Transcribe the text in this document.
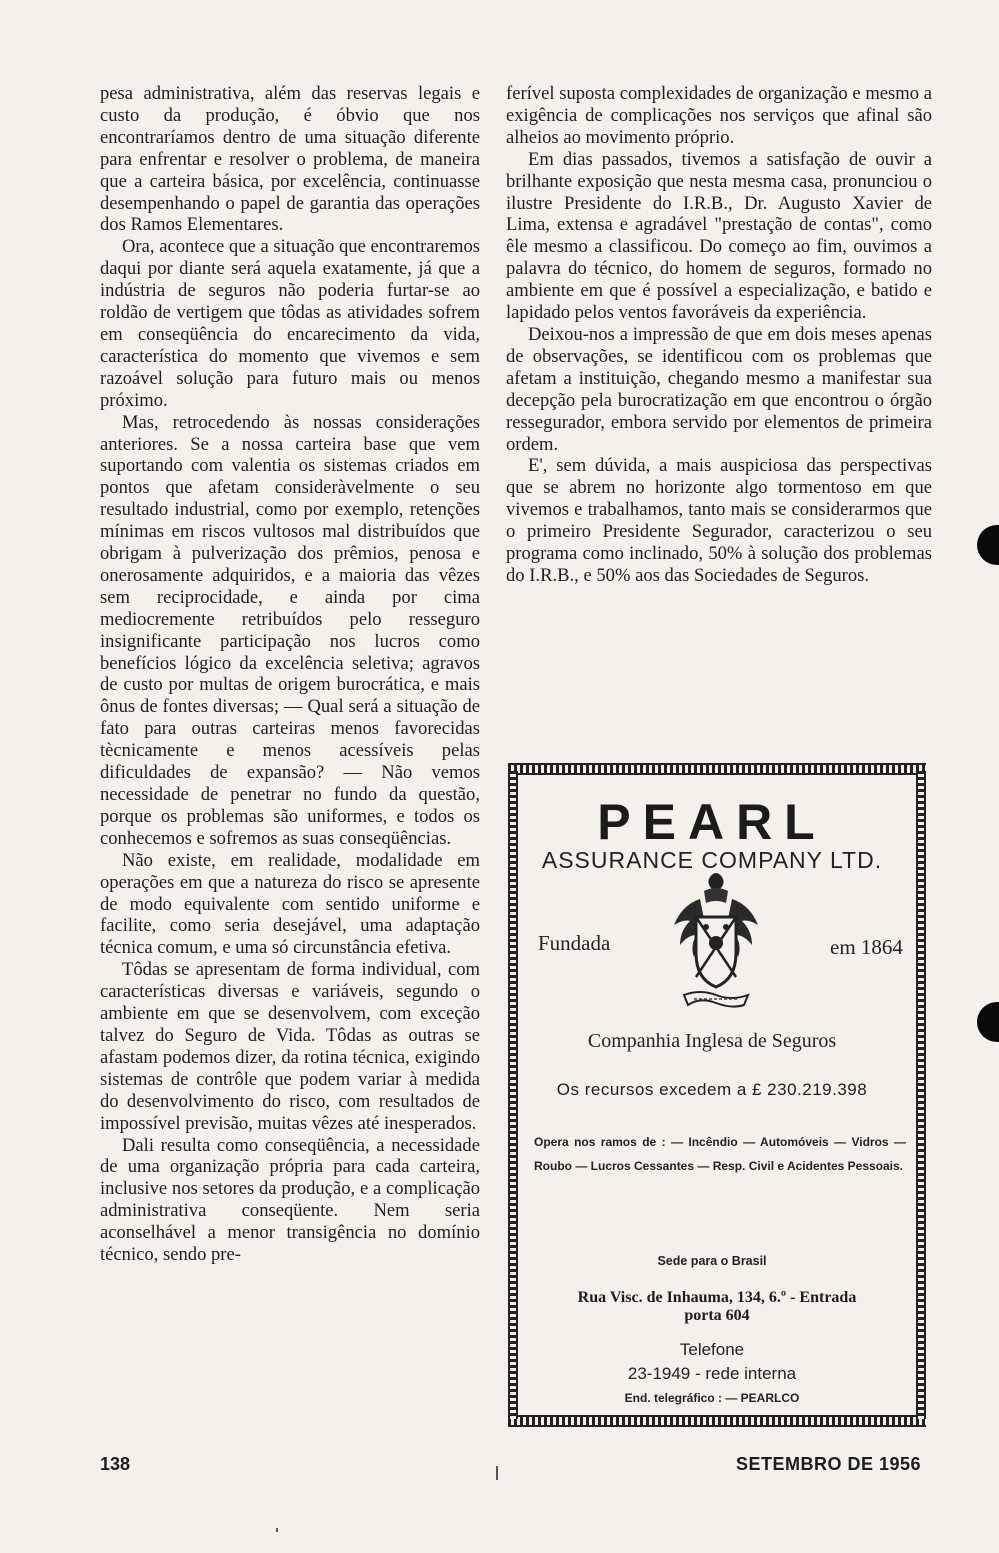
pesa administrativa, além das reservas legais e custo da produção, é óbvio que nos encontraríamos dentro de uma situação diferente para enfrentar e resolver o problema, de maneira que a carteira básica, por excelência, continuasse desempenhando o papel de garantia das operações dos Ramos Elementares.

Ora, acontece que a situação que encontraremos daqui por diante será aquela exatamente, já que a indústria de seguros não poderia furtar-se ao roldão de vertigem que tôdas as atividades sofrem em conseqüência do encarecimento da vida, característica do momento que vivemos e sem razoável solução para futuro mais ou menos próximo.

Mas, retrocedendo às nossas considerações anteriores. Se a nossa carteira base que vem suportando com valentia os sistemas criados em pontos que afetam consideràvelmente o seu resultado industrial, como por exemplo, retenções mínimas em riscos vultosos mal distribuídos que obrigam à pulverização dos prêmios, penosa e onerosamente adquiridos, e a maioria das vêzes sem reciprocidade, e ainda por cima mediocremente retribuídos pelo resseguro insignificante participação nos lucros como benefícios lógico da excelência seletiva; agravos de custo por multas de origem burocrática, e mais ônus de fontes diversas; — Qual será a situação de fato para outras carteiras menos favorecidas tècnicamente e menos acessíveis pelas dificuldades de expansão? — Não vemos necessidade de penetrar no fundo da questão, porque os problemas são uniformes, e todos os conhecemos e sofremos as suas conseqüências.

Não existe, em realidade, modalidade em operações em que a natureza do risco se apresente de modo equivalente com sentido uniforme e facilite, como seria desejável, uma adaptação técnica comum, e uma só circunstância efetiva.

Tôdas se apresentam de forma individual, com características diversas e variáveis, segundo o ambiente em que se desenvolvem, com exceção talvez do Seguro de Vida. Tôdas as outras se afastam podemos dizer, da rotina técnica, exigindo sistemas de contrôle que podem variar à medida do desenvolvimento do risco, com resultados de impossível previsão, muitas vêzes até inesperados.

Dali resulta como conseqüência, a necessidade de uma organização própria para cada carteira, inclusive nos setores da produção, e a complicação administrativa conseqüente. Nem seria aconselhável a menor transigência no domínio técnico, sendo pre-

ferível suposta complexidades de organização e mesmo a exigência de complicações nos serviços que afinal são alheios ao movimento próprio.

Em dias passados, tivemos a satisfação de ouvir a brilhante exposição que nesta mesma casa, pronunciou o ilustre Presidente do I.R.B., Dr. Augusto Xavier de Lima, extensa e agradável "prestação de contas", como êle mesmo a classificou. Do começo ao fim, ouvimos a palavra do técnico, do homem de seguros, formado no ambiente em que é possível a especialização, e batido e lapidado pelos ventos favoráveis da experiência.

Deixou-nos a impressão de que em dois meses apenas de observações, se identificou com os problemas que afetam a instituição, chegando mesmo a manifestar sua decepção pela burocratização em que encontrou o órgão ressegurador, embora servido por elementos de primeira ordem.

E', sem dúvida, a mais auspiciosa das perspectivas que se abrem no horizonte algo tormentoso em que vivemos e trabalhamos, tanto mais se considerarmos que o primeiro Presidente Segurador, caracterizou o seu programa como inclinado, 50% à solução dos problemas do I.R.B., e 50% aos das Sociedades de Seguros.

PEARL
ASSURANCE COMPANY LTD.
Fundada	em 1864
Companhia Inglesa de Seguros
Os recursos excedem a £ 230.219.398
Opera nos ramos de : — Incêndio — Automóveis — Vidros — Roubo — Lucros Cessantes — Resp. Civil e Acidentes Pessoais.
Sede para o Brasil
Rua Visc. de Inhauma, 134, 6.º - Entrada
porta 604
Telefone
23-1949 - rede interna
End. telegráfico : — PEARLCO
138	SETEMBRO DE 1956
